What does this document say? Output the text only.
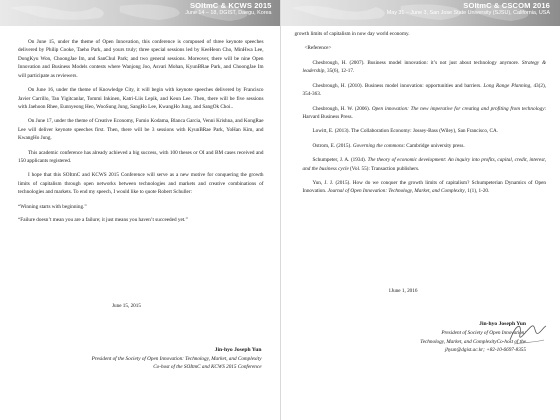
SOItmC & KCWS 2015
June 14 – 18, DGIST, Daegu, Korea

On June 15, under the theme of Open Innovation, this conference is composed of three keynote speeches delivered by Philip Cooke, Taeho Park, and yours truly; three special sessions led by KeeHeon Cho, MinHwa Lee, DongKyu Won, ChoongJae Im, and SanChul Park; and two general sessions. Moreover, there will be nine Open Innovation and Business Models contests where Wanjong Joo, Asvari Mohan, KyunBRae Park, and ChoongJae Im will participate as reviewers.

On June 16, under the theme of Knowledge City, it will begin with keynote speeches delivered by Francisco Javier Carrillo, Tan Yigitcanlar, Tommi Inkinen, Katri-Liis Lepik, and Keun Lee. Then, there will be five sessions with Jaehoon Rhee, Eunnyeong Heo, WooSung Jung, SangHo Lee, KwangHo Jung, and SangOk Choi..

On June 17, under the theme of Creative Economy, Fumio Kodama, Blanca Garcia, Venni Krishna, and KongRae Lee will deliver keynote speeches first. Then, there will be 3 sessions with KyunBRae Park, YoHan Kim, and KwangHo Jung.

This academic conference has already achieved a big success, with 100 theses or OI and BM cases received and 150 applicants registered.

I hope that this SOItmC and KCWS 2015 Conference will serve as a new motive for conquering the growth limits of capitalism through open networks between technologies and markets and creative combinations of technologies and markets. To end my speech, I would like to quote Robert Schuller:

“Winning starts with beginning.”

“Failure doesn’t mean you are a failure; it just means you haven’t succeeded yet.”

June 15, 2015
Jin-hyo Joseph Yun
President of the Society of Open Innovation: Technology, Market, and Complexity
Co-host of the SOItmC and KCWS 2015 Conference
SOItmC & CSCOM 2016
May 31 – June 3, San Jose State University (SJSU), California, USA

growth limits of capitalism in now day world economy.

<Reference>

Chesbrough, H. (2007). Business model innovation: it’s not just about technology anymore. Strategy & leadership, 35(6), 12-17.

Chesbrough, H. (2010). Business model innovation: opportunities and barriers. Long Range Planning, 43(2), 354-363.

Chesbrough, H. W. (2006). Open innovation: The new imperative for creating and profiting from technology: Harvard Business Press.

Lowitt, E. (2013). The Collaboration Economy: Jossey-Bass (Wiley), San Francisco, CA.

Ostrom, E. (2015). Governing the commons: Cambridge university press.

Schumpeter, J. A. (1934). The theory of economic development: An inquiry into profits, capital, credit, interest, and the business cycle (Vol. 55): Transaction publishers.

Yun, J. J. (2015). How do we conquer the growth limits of capitalism? Schumpeterian Dynamics of Open Innovation. Journal of Open Innovation: Technology, Market, and Complexity, 1(1), 1-20.

1June 1, 2016
Jin-hyo Joseph Yun
President of Society of Open Innovation:
Technology, Market, and ComplexityCo-host of the
jhyun@dgist.ac.kr; +82-10-6697-8355
